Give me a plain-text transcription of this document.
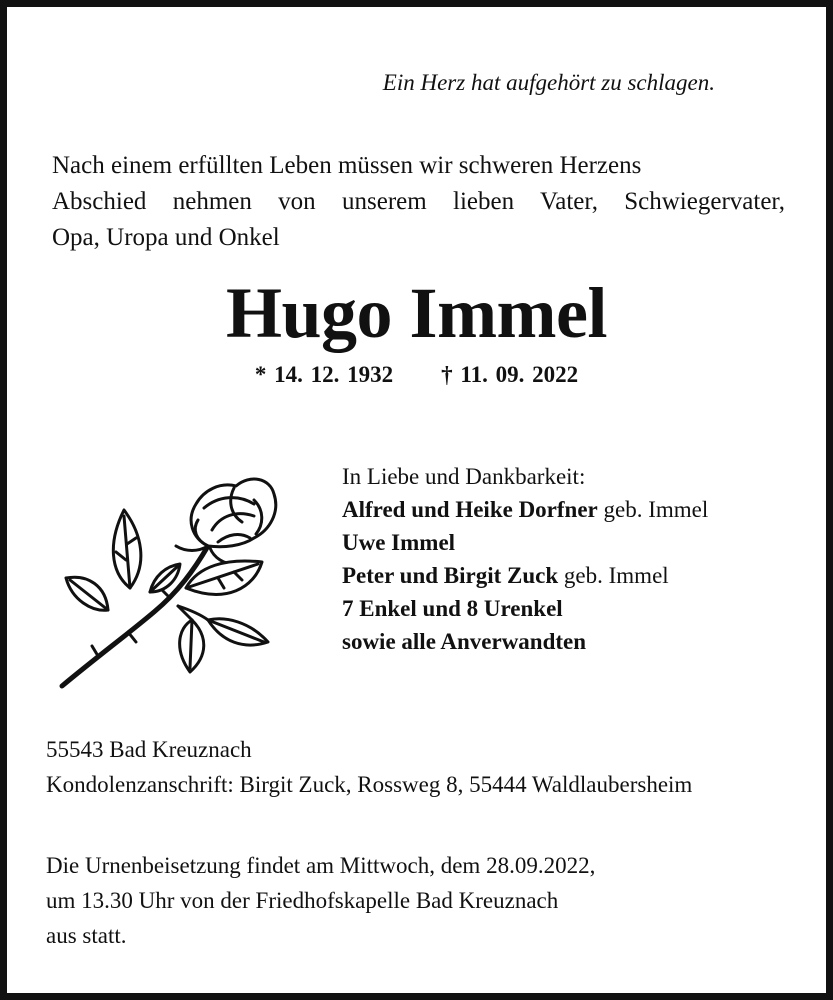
Ein Herz hat aufgehört zu schlagen.
Nach einem erfüllten Leben müssen wir schweren Herzens
Abschied nehmen von unserem lieben Vater, Schwiegervater,
Opa, Uropa und Onkel
Hugo Immel
* 14. 12. 1932 † 11. 09. 2022
In Liebe und Dankbarkeit:
Alfred und Heike Dorfner geb. Immel
Uwe Immel
Peter und Birgit Zuck geb. Immel
7 Enkel und 8 Urenkel
sowie alle Anverwandten
55543 Bad Kreuznach
Kondolenzanschrift: Birgit Zuck, Rossweg 8, 55444 Waldlaubersheim
Die Urnenbeisetzung findet am Mittwoch, dem 28.09.2022,
um 13.30 Uhr von der Friedhofskapelle Bad Kreuznach
aus statt.
